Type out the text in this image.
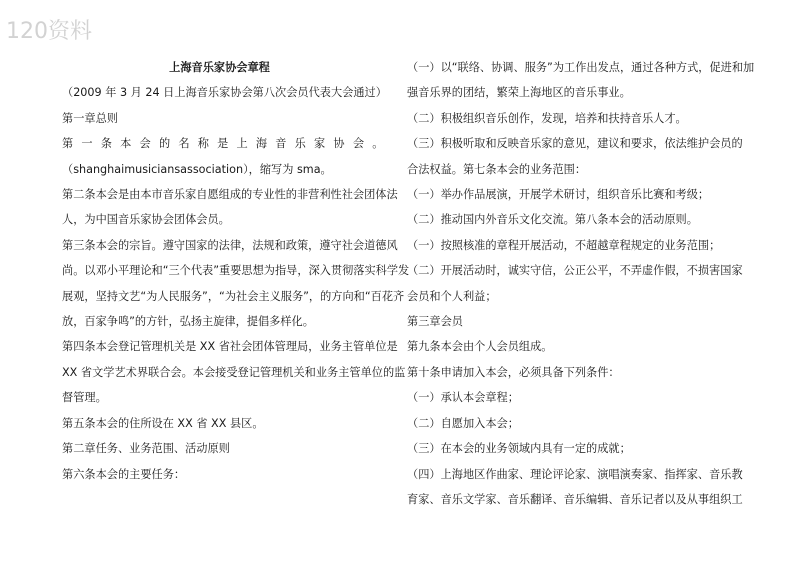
120资料

上海音乐家协会章程

（2009 年 3 月 24 日上海音乐家协会第八次会员代表大会通过）

第一章总则

第一条本会的名称是上海音乐家协会。

（shanghaimusiciansassociation），缩写为 sma。

第二条本会是由本市音乐家自愿组成的专业性的非营利性社会团体法

人，为中国音乐家协会团体会员。

第三条本会的宗旨。遵守国家的法律，法规和政策，遵守社会道德风

尚。以邓小平理论和“三个代表”重要思想为指导，深入贯彻落实科学发

展观，坚持文艺“为人民服务”，“为社会主义服务”，的方向和“百花齐

放，百家争鸣”的方针，弘扬主旋律，提倡多样化。

第四条本会登记管理机关是 XX 省社会团体管理局，业务主管单位是

XX 省文学艺术界联合会。本会接受登记管理机关和业务主管单位的监

督管理。

第五条本会的住所设在 XX 省 XX 县区。

第二章任务、业务范围、活动原则

第六条本会的主要任务：

（一）以“联络、协调、服务”为工作出发点，通过各种方式，促进和加

强音乐界的团结，繁荣上海地区的音乐事业。

（二）积极组织音乐创作，发现，培养和扶持音乐人才。

（三）积极听取和反映音乐家的意见，建议和要求，依法维护会员的

合法权益。第七条本会的业务范围：

（一）举办作品展演，开展学术研讨，组织音乐比赛和考级；

（二）推动国内外音乐文化交流。第八条本会的活动原则。

（一）按照核准的章程开展活动，不超越章程规定的业务范围；

（二）开展活动时，诚实守信，公正公平，不弄虚作假，不损害国家

会员和个人利益；

第三章会员

第九条本会由个人会员组成。

第十条申请加入本会，必须具备下列条件：

（一）承认本会章程；

（二）自愿加入本会；

（三）在本会的业务领域内具有一定的成就；

（四）上海地区作曲家、理论评论家、演唱演奏家、指挥家、音乐教

育家、音乐文学家、音乐翻译、音乐编辑、音乐记者以及从事组织工
